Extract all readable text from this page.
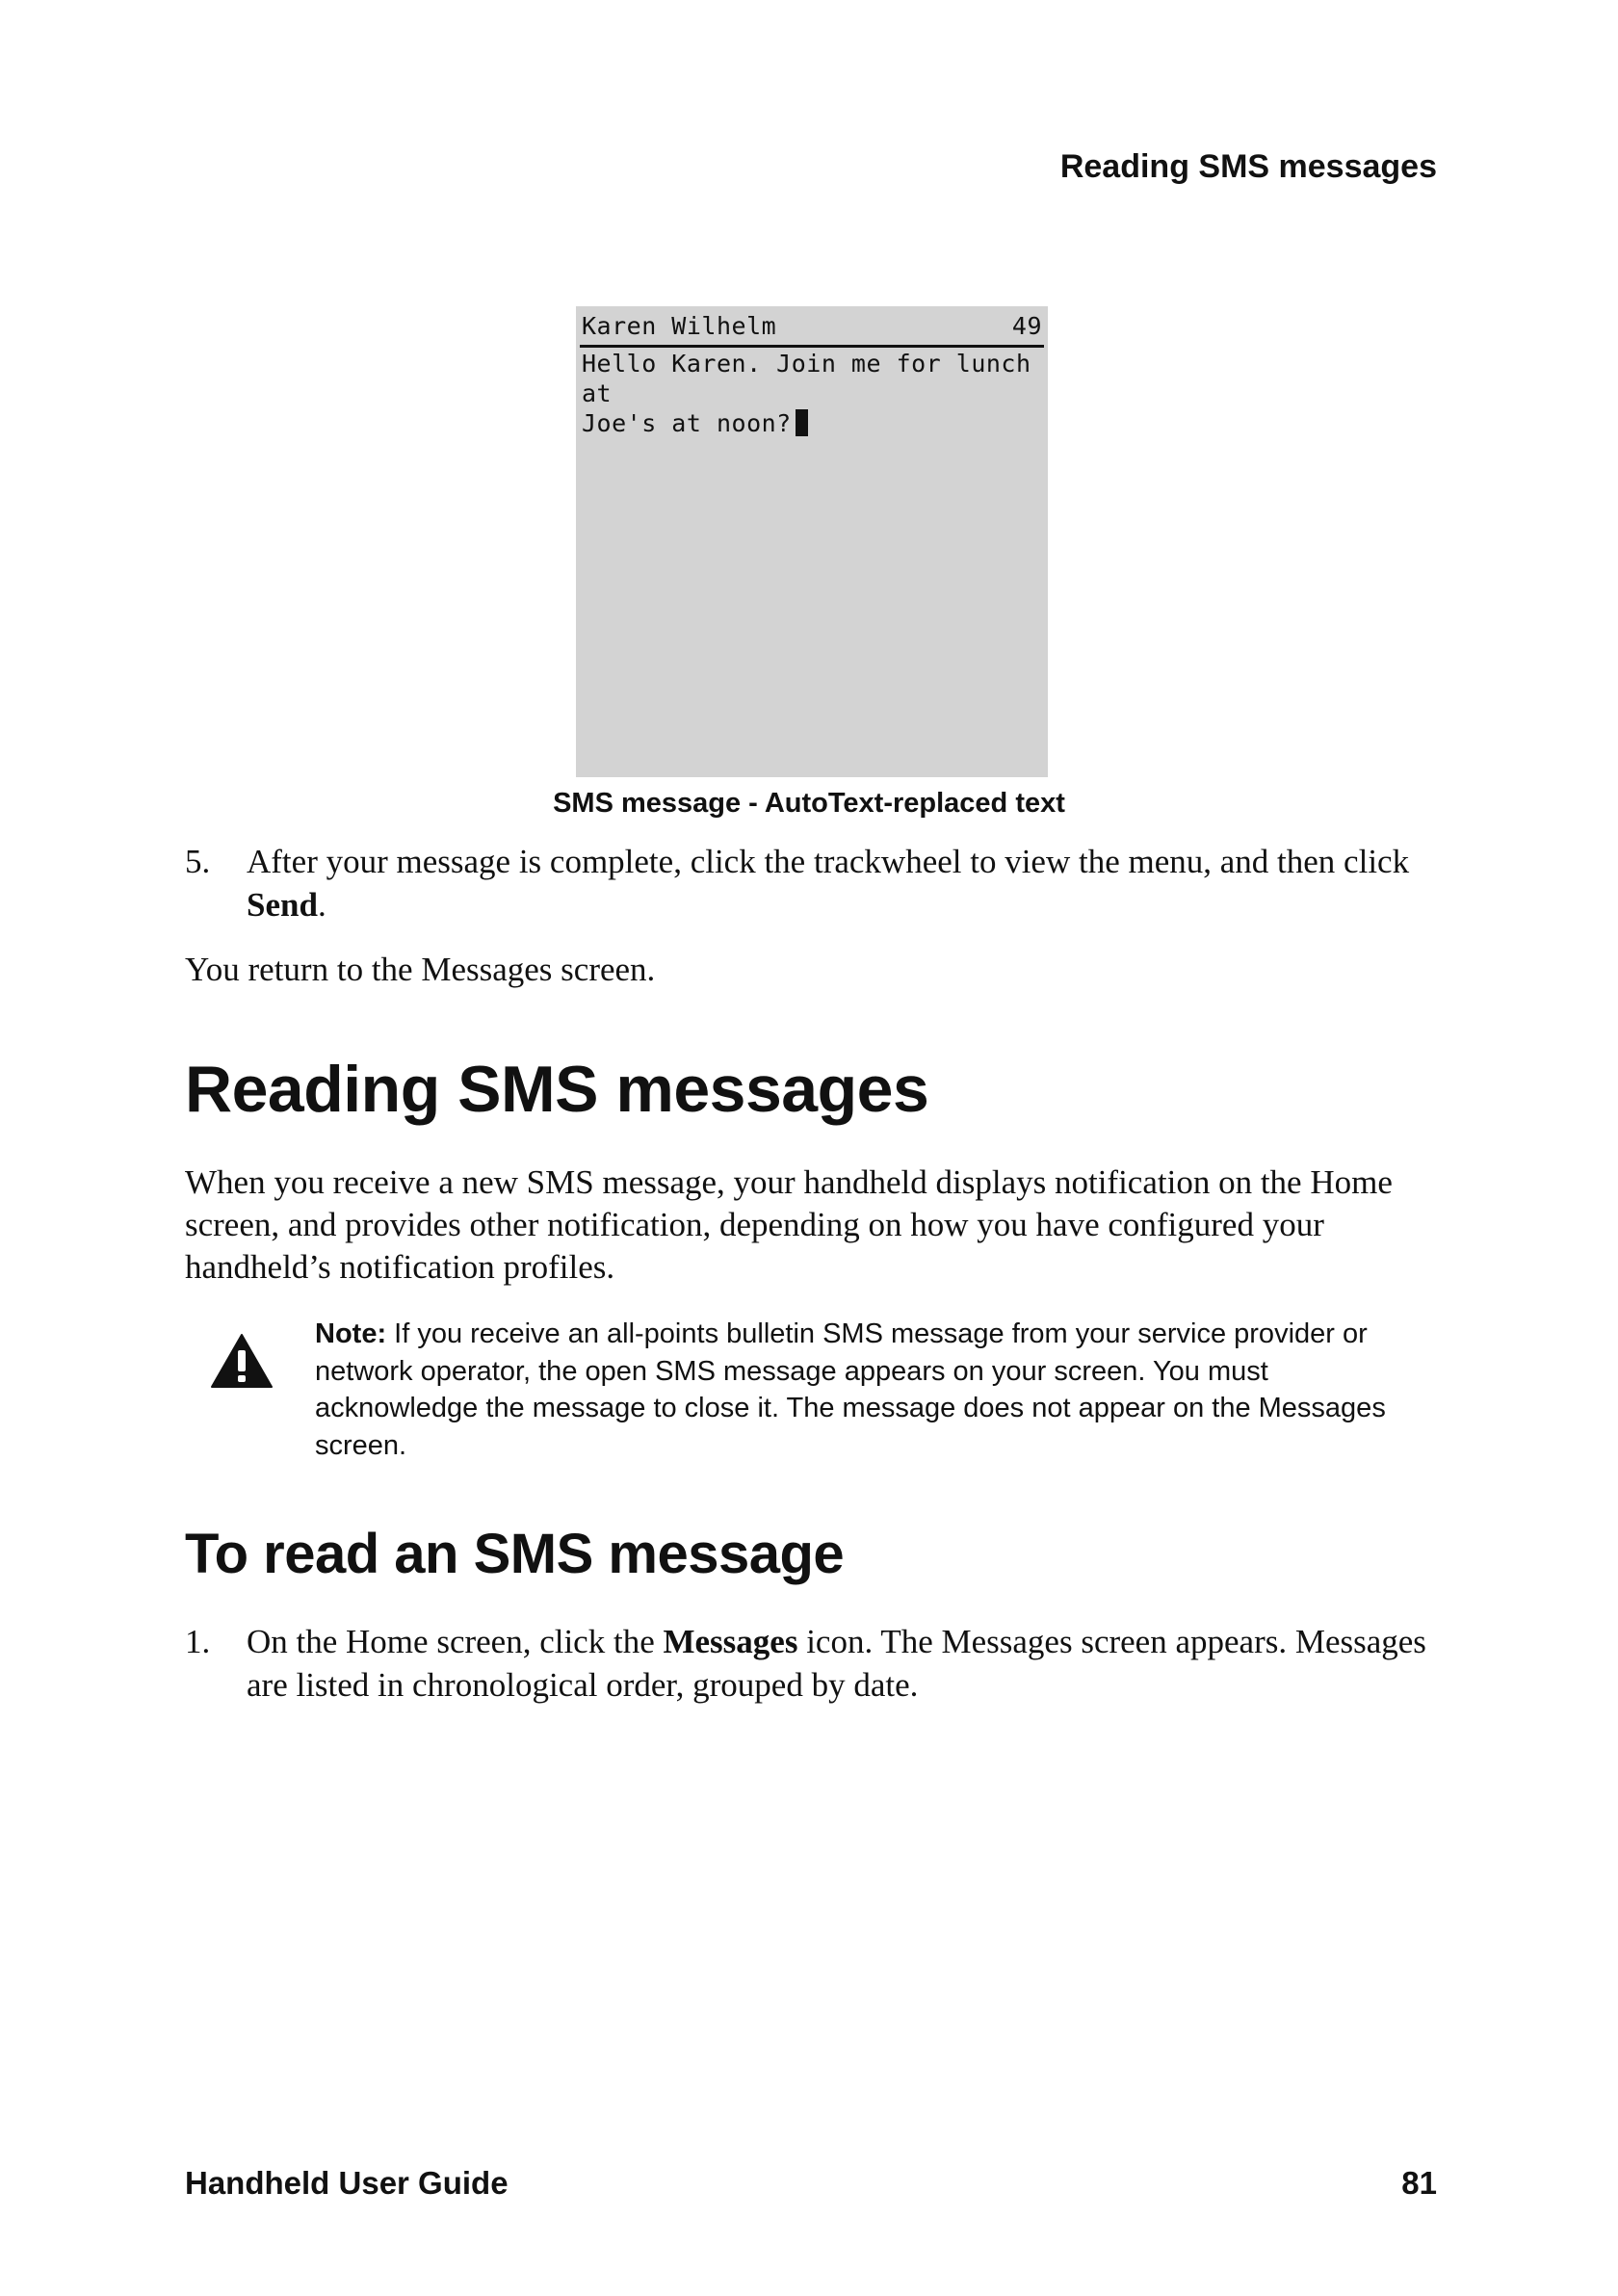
Reading SMS messages
Karen Wilhelm	49
Hello Karen. Join me for lunch at
Joe's at noon?
SMS message - AutoText-replaced text
5. After your message is complete, click the trackwheel to view the menu, and then click Send.
You return to the Messages screen.
Reading SMS messages
When you receive a new SMS message, your handheld displays notification on the Home screen, and provides other notification, depending on how you have configured your handheld’s notification profiles.
Note: If you receive an all-points bulletin SMS message from your service provider or network operator, the open SMS message appears on your screen. You must acknowledge the message to close it. The message does not appear on the Messages screen.
To read an SMS message
1. On the Home screen, click the Messages icon. The Messages screen appears. Messages are listed in chronological order, grouped by date.
Handheld User Guide	81
